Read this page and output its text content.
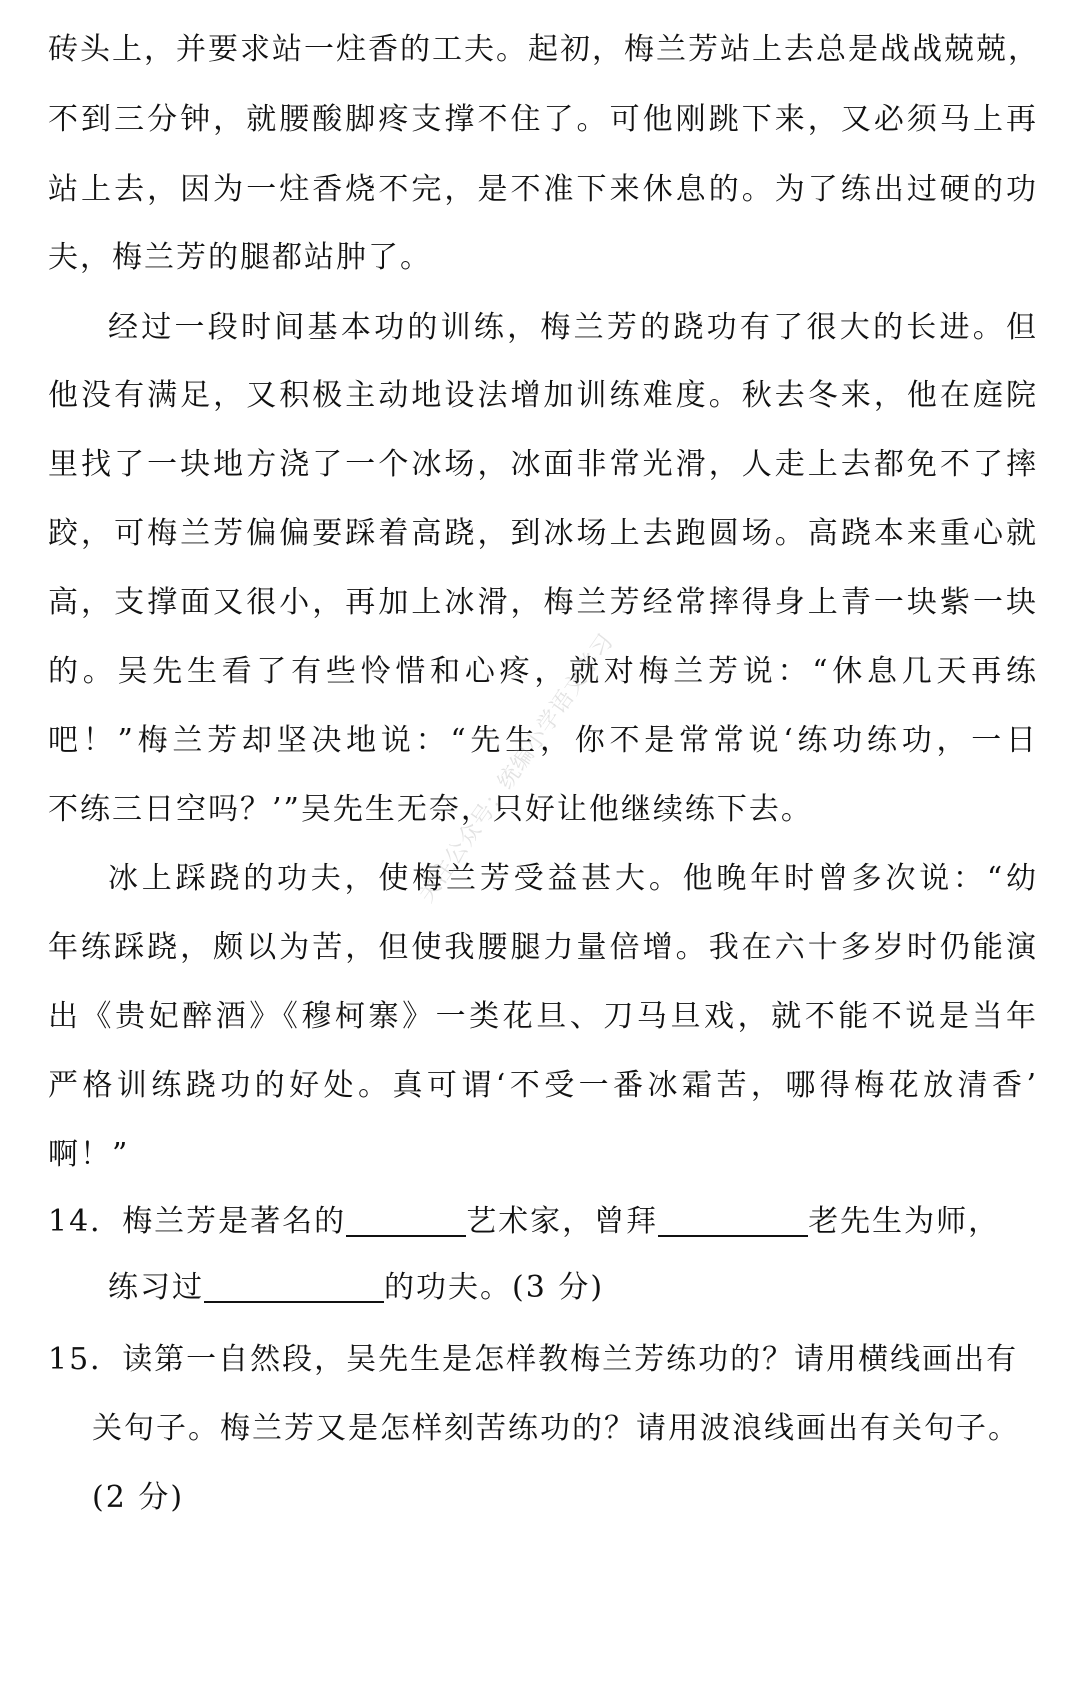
砖头上，并要求站一炷香的工夫。起初，梅兰芳站上去总是战战兢兢，
不到三分钟，就腰酸脚疼支撑不住了。可他刚跳下来，又必须马上再
站上去，因为一炷香烧不完，是不准下来休息的。为了练出过硬的功
夫，梅兰芳的腿都站肿了。
经过一段时间基本功的训练，梅兰芳的跷功有了很大的长进。但
他没有满足，又积极主动地设法增加训练难度。秋去冬来，他在庭院
里找了一块地方浇了一个冰场，冰面非常光滑，人走上去都免不了摔
跤，可梅兰芳偏偏要踩着高跷，到冰场上去跑圆场。高跷本来重心就
高，支撑面又很小，再加上冰滑，梅兰芳经常摔得身上青一块紫一块
的。吴先生看了有些怜惜和心疼，就对梅兰芳说：“休息几天再练
吧！”梅兰芳却坚决地说：“先生，你不是常常说‘练功练功，一日
不练三日空吗？’”吴先生无奈，只好让他继续练下去。
冰上踩跷的功夫，使梅兰芳受益甚大。他晚年时曾多次说：“幼
年练踩跷，颇以为苦，但使我腰腿力量倍增。我在六十多岁时仍能演
出《贵妃醉酒》《穆柯寨》一类花旦、刀马旦戏，就不能不说是当年
严格训练跷功的好处。真可谓‘不受一番冰霜苦，哪得梅花放清香’
啊！”
14．梅兰芳是著名的	艺术家，曾拜	老先生为师，
练习过	的功夫。(3 分)
15．读第一自然段，吴先生是怎样教梅兰芳练功的？请用横线画出有
关句子。梅兰芳又是怎样刻苦练功的？请用波浪线画出有关句子。
(2 分)
关注公众号：统编小学语文学习
